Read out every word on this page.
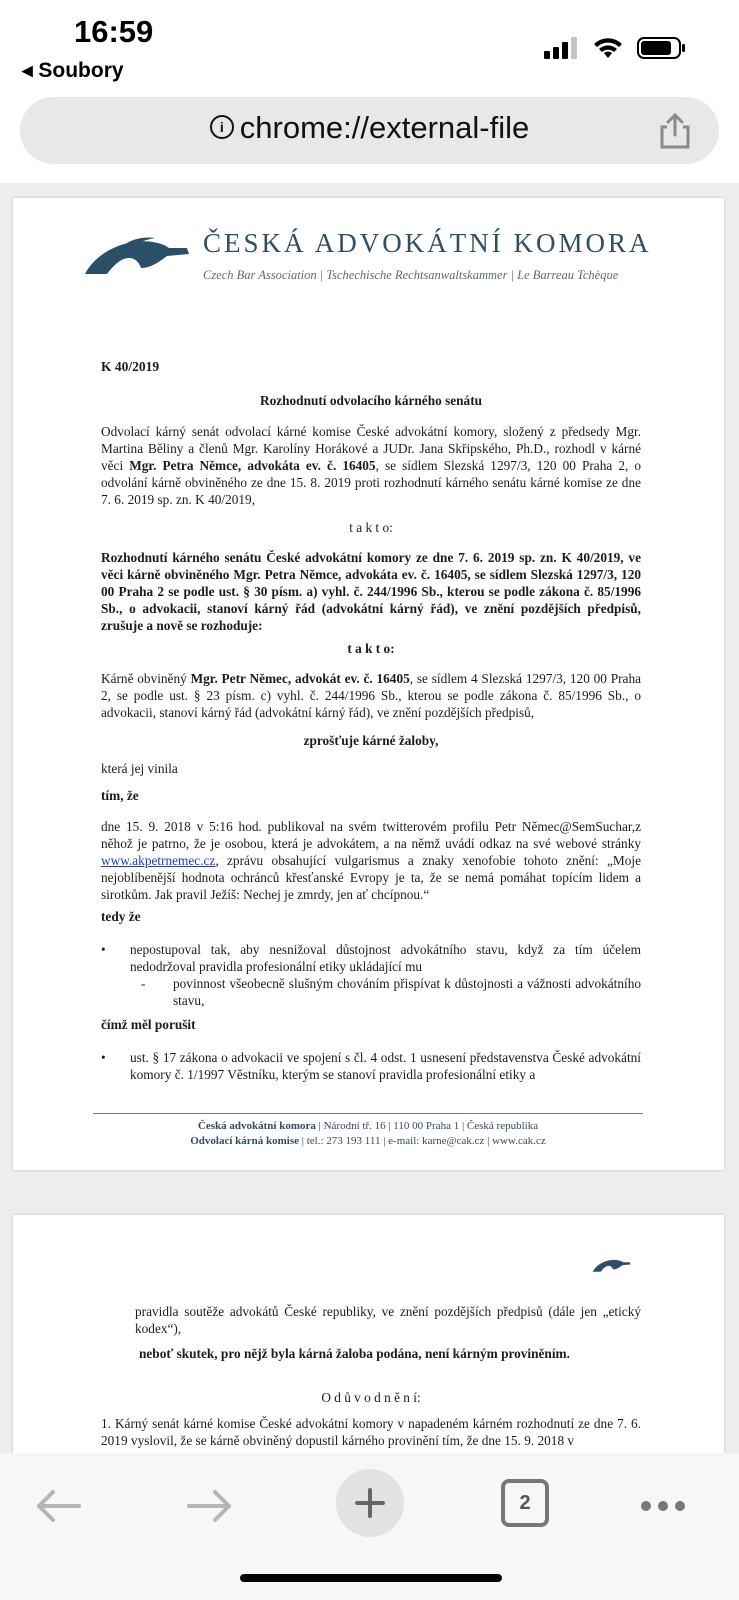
16:59
◂ Soubory
i chrome://external-file
ČESKÁ ADVOKÁTNÍ KOMORA
Czech Bar Association | Tschechische Rechtsanwaltskammer | Le Barreau Tchèque
K 40/2019
Rozhodnutí odvolacího kárného senátu
Odvolací kárný senát odvolací kárné komise České advokátní komory, složený z předsedy Mgr. Martina Běliny a členů Mgr. Karolíny Horákové a JUDr. Jana Skřipského, Ph.D., rozhodl v kárné věci Mgr. Petra Němce, advokáta ev. č. 16405, se sídlem Slezská 1297/3, 120 00 Praha 2, o odvolání kárně obviněného ze dne 15. 8. 2019 proti rozhodnutí kárného senátu kárné komise ze dne 7. 6. 2019 sp. zn. K 40/2019,
t a k t o:
Rozhodnutí kárného senátu České advokátní komory ze dne 7. 6. 2019 sp. zn. K 40/2019, ve věci kárně obviněného Mgr. Petra Němce, advokáta ev. č. 16405, se sídlem Slezská 1297/3, 120 00 Praha 2 se podle ust. § 30 písm. a) vyhl. č. 244/1996 Sb., kterou se podle zákona č. 85/1996 Sb., o advokacii, stanoví kárný řád (advokátní kárný řád), ve znění pozdějších předpisů, zrušuje a nově se rozhoduje:
t a k t o:
Kárně obviněný Mgr. Petr Němec, advokát ev. č. 16405, se sídlem 4 Slezská 1297/3, 120 00 Praha 2, se podle ust. § 23 písm. c) vyhl. č. 244/1996 Sb., kterou se podle zákona č. 85/1996 Sb., o advokacii, stanoví kárný řád (advokátní kárný řád), ve znění pozdějších předpisů,
zprošťuje kárné žaloby,
která jej vinila
tím, že
dne 15. 9. 2018 v 5:16 hod. publikoval na svém twitterovém profilu Petr Němec@SemSuchar,z něhož je patrno, že je osobou, která je advokátem, a na němž uvádí odkaz na své webové stránky www.akpetrnemec.cz, zprávu obsahující vulgarismus a znaky xenofobie tohoto znění: „Moje nejoblíbenější hodnota ochránců křesťanské Evropy je ta, že se nemá pomáhat topícím lidem a sirotkům. Jak pravil Ježíš: Nechej je zmrdy, jen ať chcípnou.“
tedy že
• nepostupoval tak, aby nesnižoval důstojnost advokátního stavu, když za tím účelem nedodržoval pravidla profesionální etiky ukládající mu
- povinnost všeobecně slušným chováním přispívat k důstojnosti a vážnosti advokátního stavu,
čímž měl porušit
• ust. § 17 zákona o advokacii ve spojení s čl. 4 odst. 1 usnesení představenstva České advokátní komory č. 1/1997 Věstníku, kterým se stanoví pravidla profesionální etiky a
Česká advokátní komora | Národní tř. 16 | 110 00 Praha 1 | Česká republika
Odvolací kárná komise | tel.: 273 193 111 | e-mail: karne@cak.cz | www.cak.cz
pravidla soutěže advokátů České republiky, ve znění pozdějších předpisů (dále jen „etický kodex“),
neboť skutek, pro nějž byla kárná žaloba podána, není kárným proviněním.
O d ů v o d n ě n í:
1. Kárný senát kárné komise České advokátní komory v napadeném kárném rozhodnutí ze dne 7. 6. 2019 vyslovil, že se kárně obviněný dopustil kárného provinění tím, že dne 15. 9. 2018 v
2
